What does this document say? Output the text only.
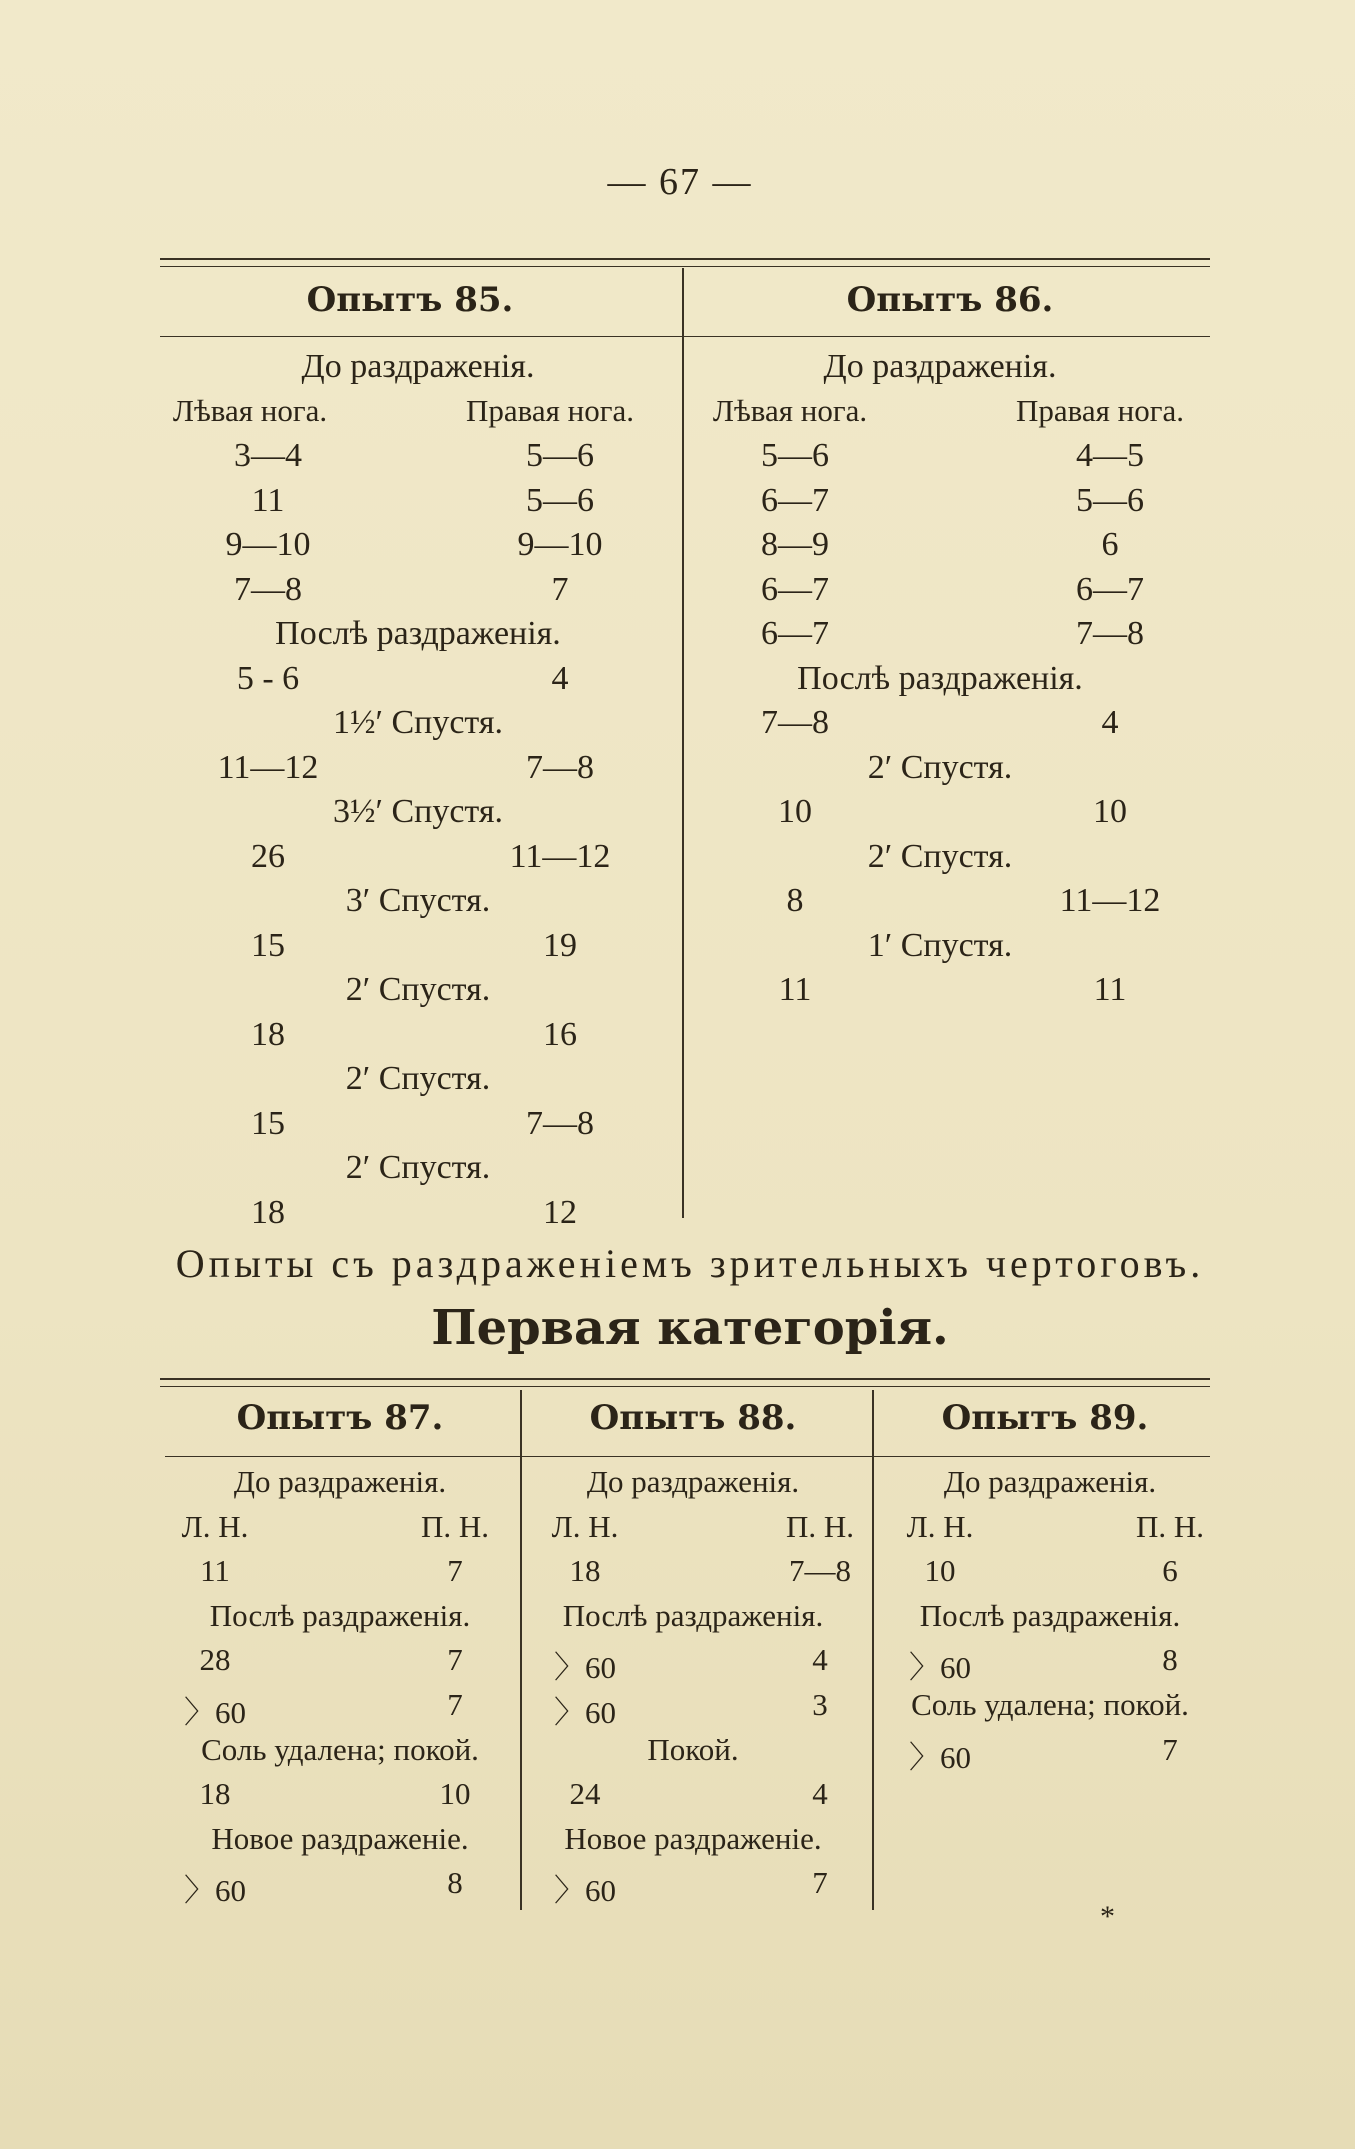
— 67 —
Опытъ 85.	Опытъ 86.
До раздраженія.
Лѣвая нога.	Правая нога.
3—4	5—6
11	5—6
9—10	9—10
7—8	7
Послѣ раздраженія.
5 - 6	4
1½′ Спустя.
11—12	7—8
3½′ Спустя.
26	11—12
3′ Спустя.
15	19
2′ Спустя.
18	16
2′ Спустя.
15	7—8
2′ Спустя.
18	12
До раздраженія.
Лѣвая нога.	Правая нога.
5—6	4—5
6—7	5—6
8—9	6
6—7	6—7
6—7	7—8
Послѣ раздраженія.
7—8	4
2′ Спустя.
10	10
2′ Спустя.
8	11—12
1′ Спустя.
11	11
Опыты съ раздраженіемъ зрительныхъ чертоговъ.
Первая категорія.
Опытъ 87.	Опытъ 88.	Опытъ 89.
До раздраженія.
Л. Н.	П. Н.
11	7
Послѣ раздраженія.
28	7
〉60	7
Соль удалена; покой.
18	10
Новое раздраженіе.
〉60	8
До раздраженія.
Л. Н.	П. Н.
18	7—8
Послѣ раздраженія.
〉60	4
〉60	3
Покой.
24	4
Новое раздраженіе.
〉60	7
До раздраженія.
Л. Н.	П. Н.
10	6
Послѣ раздраженія.
〉60	8
Соль удалена; покой.
〉60	7
*
